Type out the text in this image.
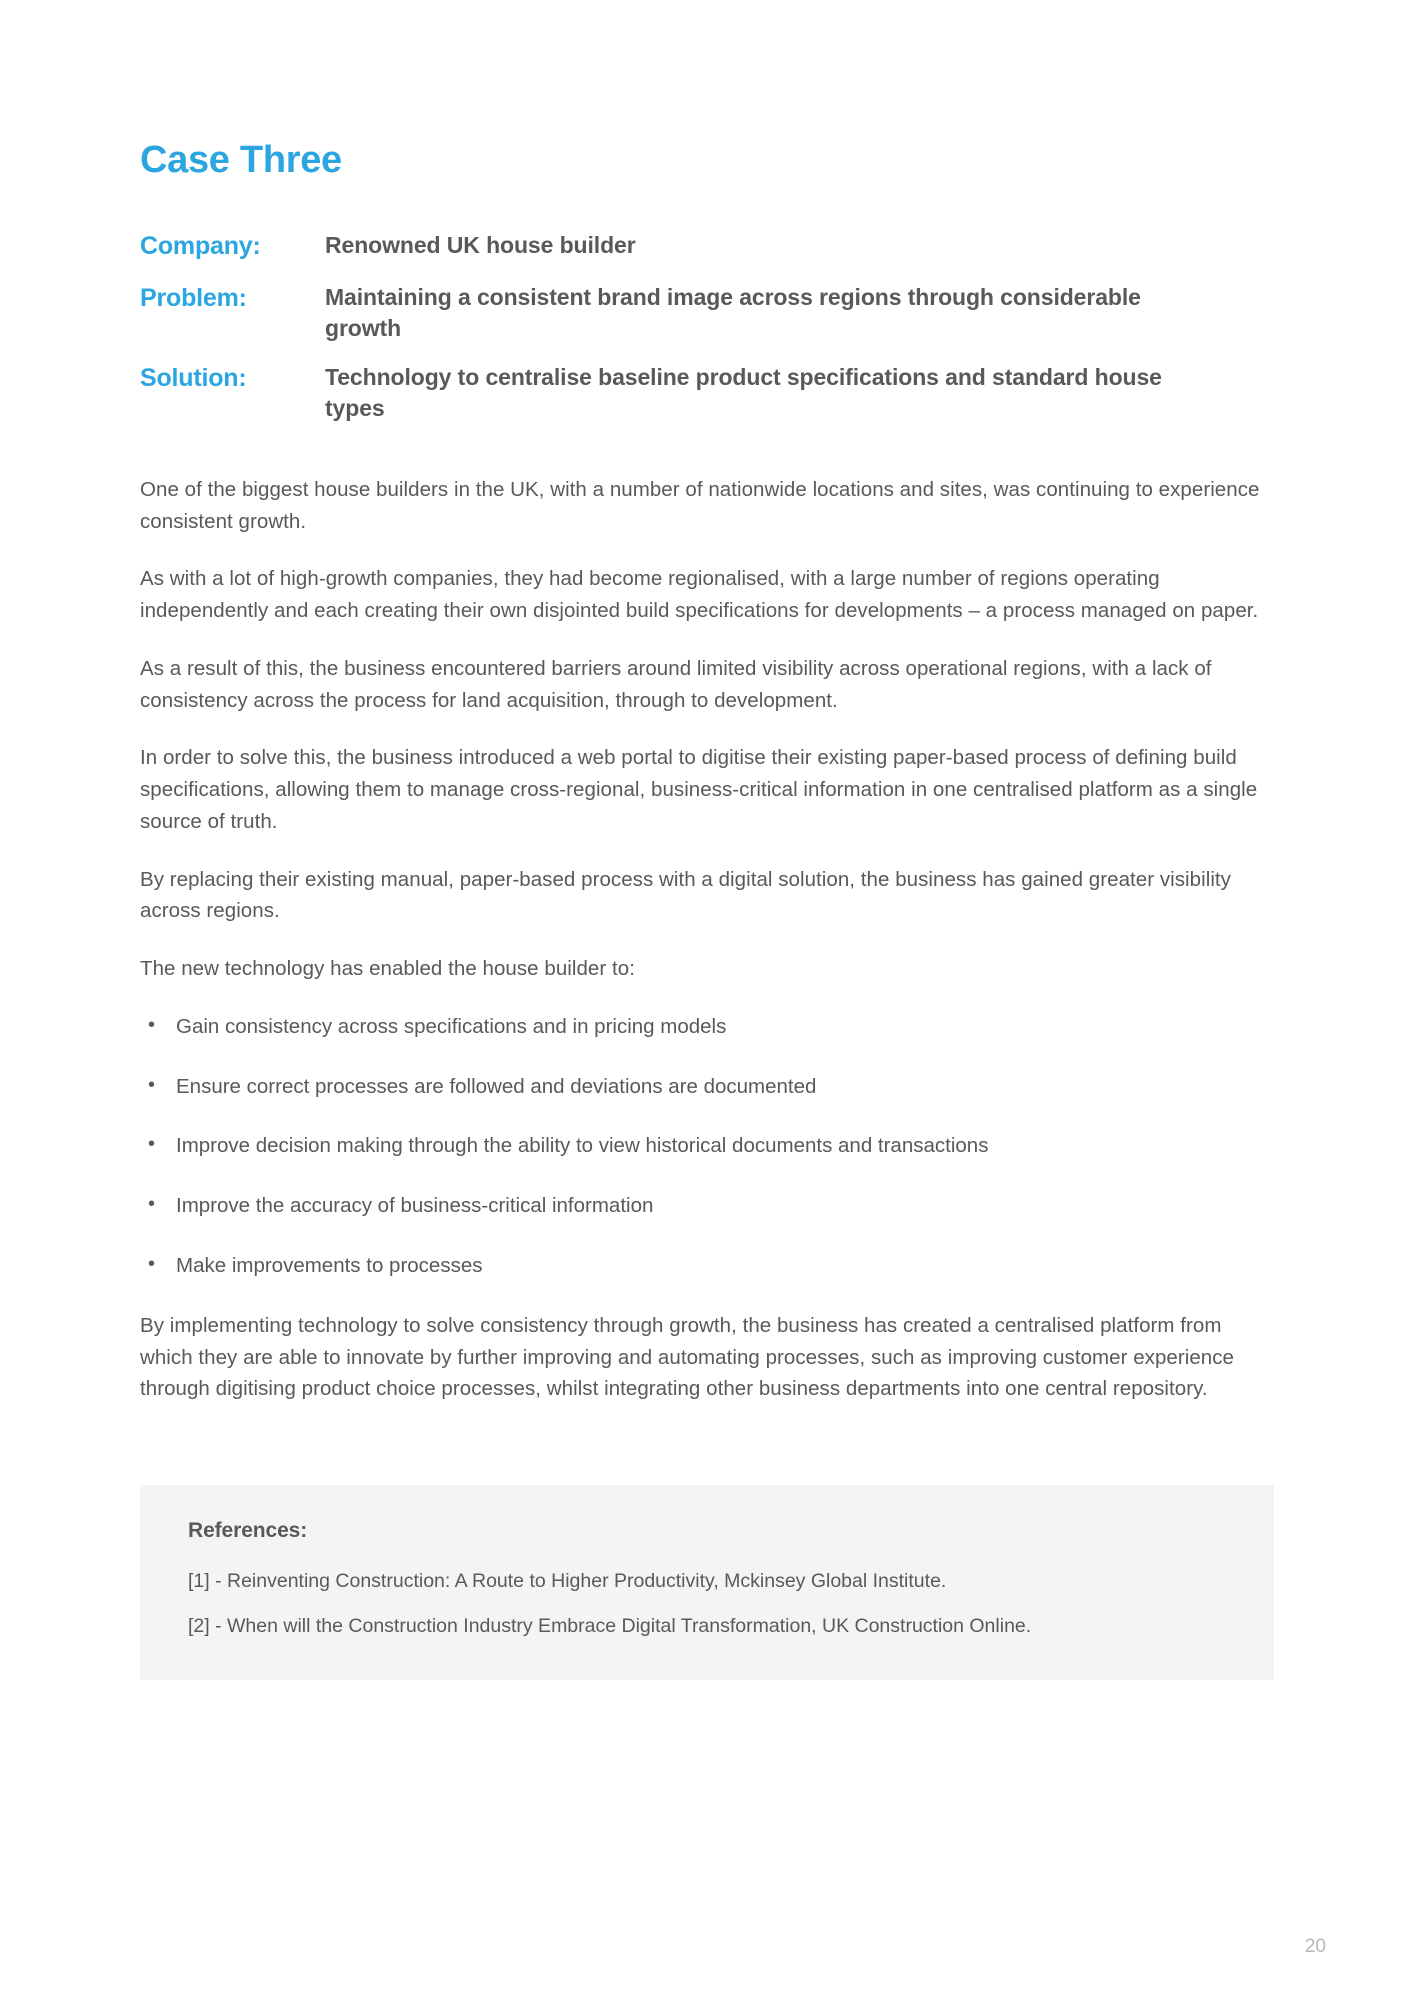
Case Three
Company:	Renowned UK house builder
Problem:	Maintaining a consistent brand image across regions through considerable growth
Solution:	Technology to centralise baseline product specifications and standard house types

One of the biggest house builders in the UK, with a number of nationwide locations and sites, was continuing to experience consistent growth.

As with a lot of high-growth companies, they had become regionalised, with a large number of regions operating independently and each creating their own disjointed build specifications for developments – a process managed on paper.

As a result of this, the business encountered barriers around limited visibility across operational regions, with a lack of consistency across the process for land acquisition, through to development.

In order to solve this, the business introduced a web portal to digitise their existing paper-based process of defining build specifications, allowing them to manage cross-regional, business-critical information in one centralised platform as a single source of truth.

By replacing their existing manual, paper-based process with a digital solution, the business has gained greater visibility across regions.

The new technology has enabled the house builder to:

• Gain consistency across specifications and in pricing models
• Ensure correct processes are followed and deviations are documented
• Improve decision making through the ability to view historical documents and transactions
• Improve the accuracy of business-critical information
• Make improvements to processes

By implementing technology to solve consistency through growth, the business has created a centralised platform from which they are able to innovate by further improving and automating processes, such as improving customer experience through digitising product choice processes, whilst integrating other business departments into one central repository.

References:

[1] - Reinventing Construction: A Route to Higher Productivity, Mckinsey Global Institute.

[2] - When will the Construction Industry Embrace Digital Transformation, UK Construction Online.

20
